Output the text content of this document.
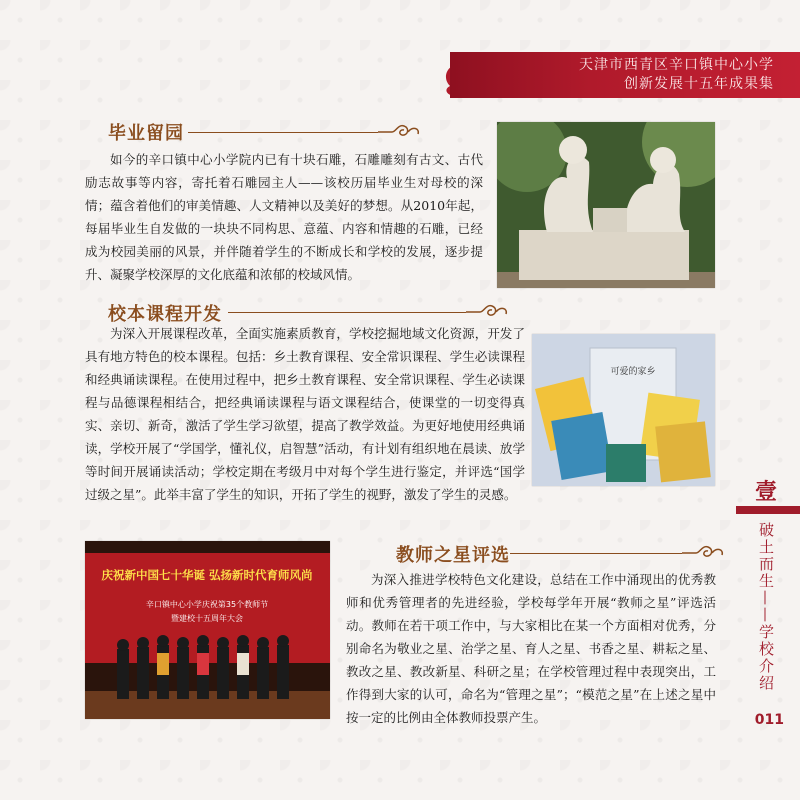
天津市西青区辛口镇中心小学
创新发展十五年成果集
毕业留园

如今的辛口镇中心小学院内已有十块石雕，石雕雕刻有古文、古代励志故事等内容，寄托着石雕园主人——该校历届毕业生对母校的深情；蕴含着他们的审美情趣、人文精神以及美好的梦想。从2010年起，每届毕业生自发做的一块块不同构思、意蕴、内容和情趣的石雕，已经成为校园美丽的风景，并伴随着学生的不断成长和学校的发展，逐步提升、凝聚学校深厚的文化底蕴和浓郁的校域风情。

校本课程开发

为深入开展课程改革，全面实施素质教育，学校挖掘地域文化资源，开发了具有地方特色的校本课程。包括：乡土教育课程、安全常识课程、学生必读课程和经典诵读课程。在使用过程中，把乡土教育课程、安全常识课程、学生必读课程与品德课程相结合，把经典诵读课程与语文课程结合，使课堂的一切变得真实、亲切、新奇，激活了学生学习欲望，提高了教学效益。为更好地使用经典诵读，学校开展了“学国学，懂礼仪，启智慧”活动，有计划有组织地在晨读、放学等时间开展诵读活动；学校定期在考级月中对每个学生进行鉴定，并评选“国学过级之星”。此举丰富了学生的知识，开拓了学生的视野，激发了学生的灵感。

可爱的家乡
庆祝新中国七十华诞 弘扬新时代育师风尚
辛口镇中心小学庆祝第35个教师节
暨建校十五周年大会
教师之星评选

为深入推进学校特色文化建设，总结在工作中涌现出的优秀教师和优秀管理者的先进经验，学校每学年开展“教师之星”评选活动。教师在若干项工作中，与大家相比在某一个方面相对优秀，分别命名为敬业之星、治学之星、育人之星、书香之星、耕耘之星、教改之星、教改新星、科研之星；在学校管理过程中表现突出，工作得到大家的认可，命名为“管理之星”；“模范之星”在上述之星中按一定的比例由全体教师投票产生。

壹
破土而生——学校介绍
011
